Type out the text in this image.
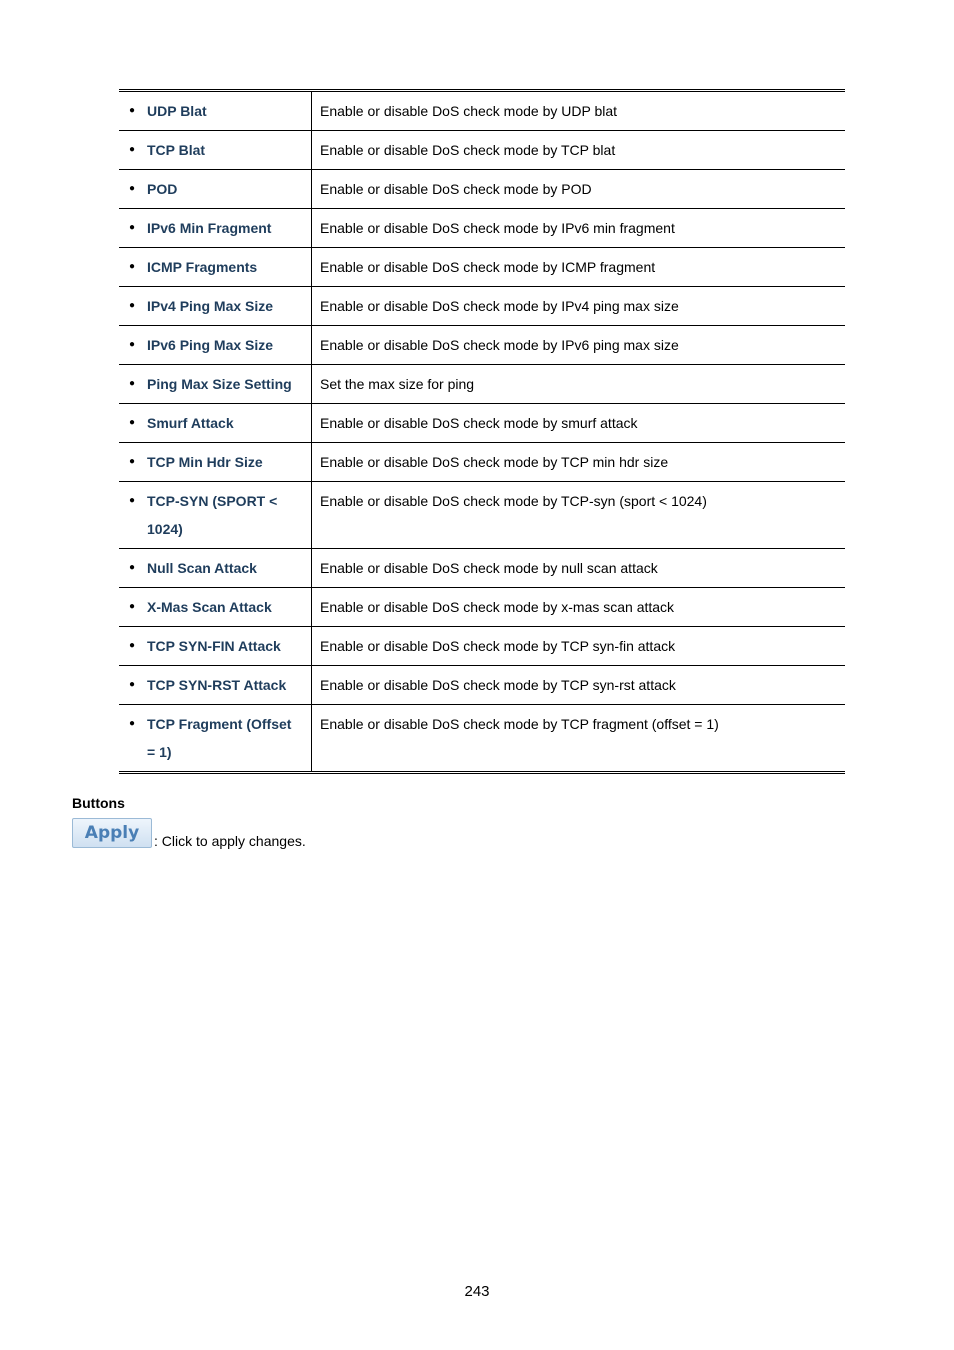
● UDP Blat	Enable or disable DoS check mode by UDP blat

● TCP Blat	Enable or disable DoS check mode by TCP blat

● POD	Enable or disable DoS check mode by POD

● IPv6 Min Fragment	Enable or disable DoS check mode by IPv6 min fragment

● ICMP Fragments	Enable or disable DoS check mode by ICMP fragment

● IPv4 Ping Max Size	Enable or disable DoS check mode by IPv4 ping max size

● IPv6 Ping Max Size	Enable or disable DoS check mode by IPv6 ping max size

● Ping Max Size Setting	Set the max size for ping

● Smurf Attack	Enable or disable DoS check mode by smurf attack

● TCP Min Hdr Size	Enable or disable DoS check mode by TCP min hdr size

● TCP-SYN (SPORT < 1024)	Enable or disable DoS check mode by TCP-syn (sport < 1024)

● Null Scan Attack	Enable or disable DoS check mode by null scan attack

● X-Mas Scan Attack	Enable or disable DoS check mode by x-mas scan attack

● TCP SYN-FIN Attack	Enable or disable DoS check mode by TCP syn-fin attack

● TCP SYN-RST Attack	Enable or disable DoS check mode by TCP syn-rst attack

● TCP Fragment (Offset = 1)	Enable or disable DoS check mode by TCP fragment (offset = 1)
Buttons
Apply	: Click to apply changes.
243
